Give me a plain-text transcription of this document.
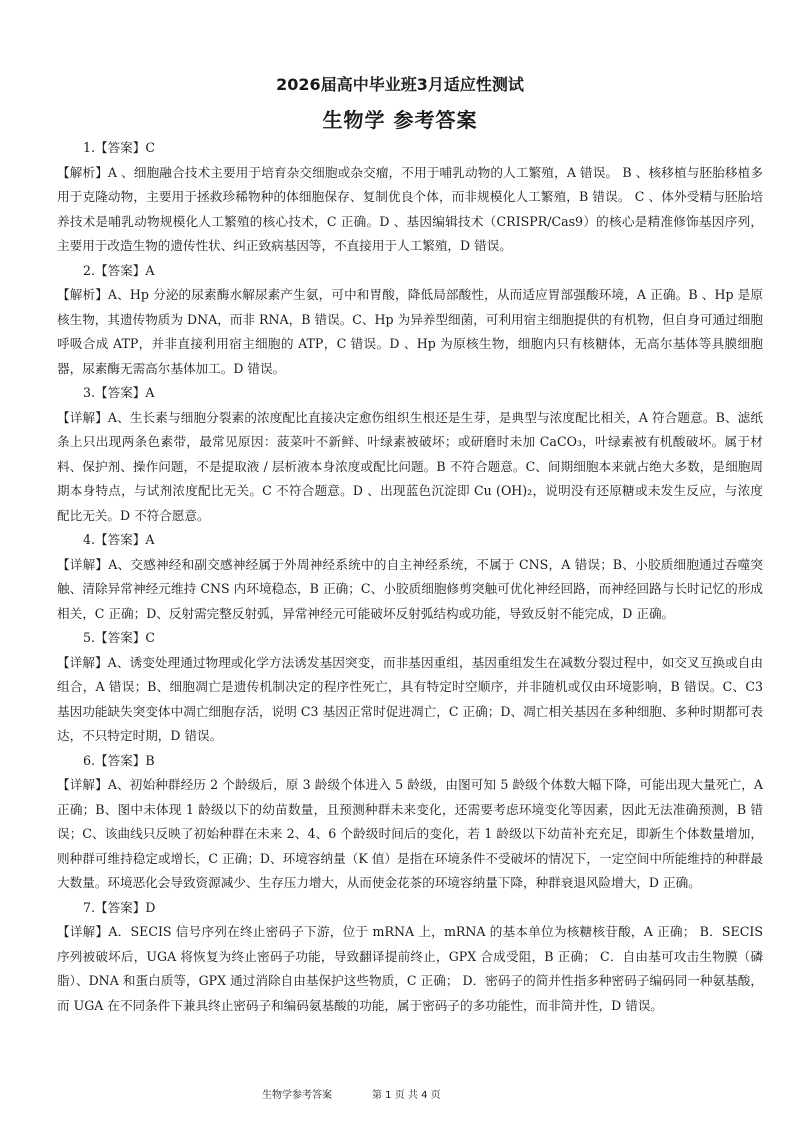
2026届高中毕业班3月适应性测试
生物学 参考答案
1.【答案】C
【解析】A 、细胞融合技术主要用于培育杂交细胞或杂交瘤，不用于哺乳动物的人工繁殖，A 错误。 B 、核移植与胚胎移植多用于克隆动物，主要用于拯救珍稀物种的体细胞保存、复制优良个体，而非规模化人工繁殖，B 错误。 C 、体外受精与胚胎培养技术是哺乳动物规模化人工繁殖的核心技术，C 正确。D 、基因编辑技术（CRISPR/Cas9）的核心是精准修饰基因序列，主要用于改造生物的遗传性状、纠正致病基因等，不直接用于人工繁殖，D 错误。
2.【答案】A
【解析】A、Hp 分泌的尿素酶水解尿素产生氨，可中和胃酸，降低局部酸性，从而适应胃部强酸环境，A 正确。B 、Hp 是原核生物，其遗传物质为 DNA，而非 RNA，B 错误。C、Hp 为异养型细菌，可利用宿主细胞提供的有机物，但自身可通过细胞呼吸合成 ATP，并非直接利用宿主细胞的 ATP，C 错误。D 、Hp 为原核生物，细胞内只有核糖体，无高尔基体等具膜细胞器，尿素酶无需高尔基体加工。D 错误。
3.【答案】A
【详解】A、生长素与细胞分裂素的浓度配比直接决定愈伤组织生根还是生芽，是典型与浓度配比相关，A 符合题意。B、滤纸条上只出现两条色素带，最常见原因：菠菜叶不新鲜、叶绿素被破坏；或研磨时未加 CaCO₃，叶绿素被有机酸破坏。属于材料、保护剂、操作问题，不是提取液 / 层析液本身浓度或配比问题。B 不符合题意。C、间期细胞本来就占绝大多数，是细胞周期本身特点，与试剂浓度配比无关。C 不符合题意。D 、出现蓝色沉淀即 Cu (OH)₂，说明没有还原糖或未发生反应，与浓度配比无关。D 不符合愿意。
4.【答案】A
【详解】A、交感神经和副交感神经属于外周神经系统中的自主神经系统，不属于 CNS，A 错误；B、小胶质细胞通过吞噬突触、清除异常神经元维持 CNS 内环境稳态，B 正确；C、小胶质细胞修剪突触可优化神经回路，而神经回路与长时记忆的形成相关，C 正确；D、反射需完整反射弧，异常神经元可能破坏反射弧结构或功能，导致反射不能完成，D 正确。
5.【答案】C
【详解】A、诱变处理通过物理或化学方法诱发基因突变，而非基因重组，基因重组发生在减数分裂过程中，如交叉互换或自由组合，A 错误；B、细胞凋亡是遗传机制决定的程序性死亡，具有特定时空顺序，并非随机或仅由环境影响，B 错误。C、C3 基因功能缺失突变体中凋亡细胞存活，说明 C3 基因正常时促进凋亡，C 正确；D、凋亡相关基因在多种细胞、多种时期都可表达，不只特定时期，D 错误。
6.【答案】B
【详解】A、初始种群经历 2 个龄级后，原 3 龄级个体进入 5 龄级，由图可知 5 龄级个体数大幅下降，可能出现大量死亡，A 正确；B、图中未体现 1 龄级以下的幼苗数量，且预测种群未来变化，还需要考虑环境变化等因素，因此无法准确预测，B 错误；C、该曲线只反映了初始种群在未来 2、4、6 个龄级时间后的变化，若 1 龄级以下幼苗补充充足，即新生个体数量增加，则种群可维持稳定或增长，C 正确；D、环境容纳量（K 值）是指在环境条件不受破坏的情况下，一定空间中所能维持的种群最大数量。环境恶化会导致资源减少、生存压力增大，从而使金花茶的环境容纳量下降，种群衰退风险增大，D 正确。
7.【答案】D
【详解】A．SECIS 信号序列在终止密码子下游，位于 mRNA 上，mRNA 的基本单位为核糖核苷酸，A 正确； B．SECIS 序列被破坏后，UGA 将恢复为终止密码子功能，导致翻译提前终止，GPX 合成受阻，B 正确； C．自由基可攻击生物膜（磷脂）、DNA 和蛋白质等，GPX 通过消除自由基保护这些物质，C 正确； D．密码子的简并性指多种密码子编码同一种氨基酸，而 UGA 在不同条件下兼具终止密码子和编码氨基酸的功能，属于密码子的多功能性，而非简并性，D 错误。
生物学参考答案	第 1 页 共 4 页
